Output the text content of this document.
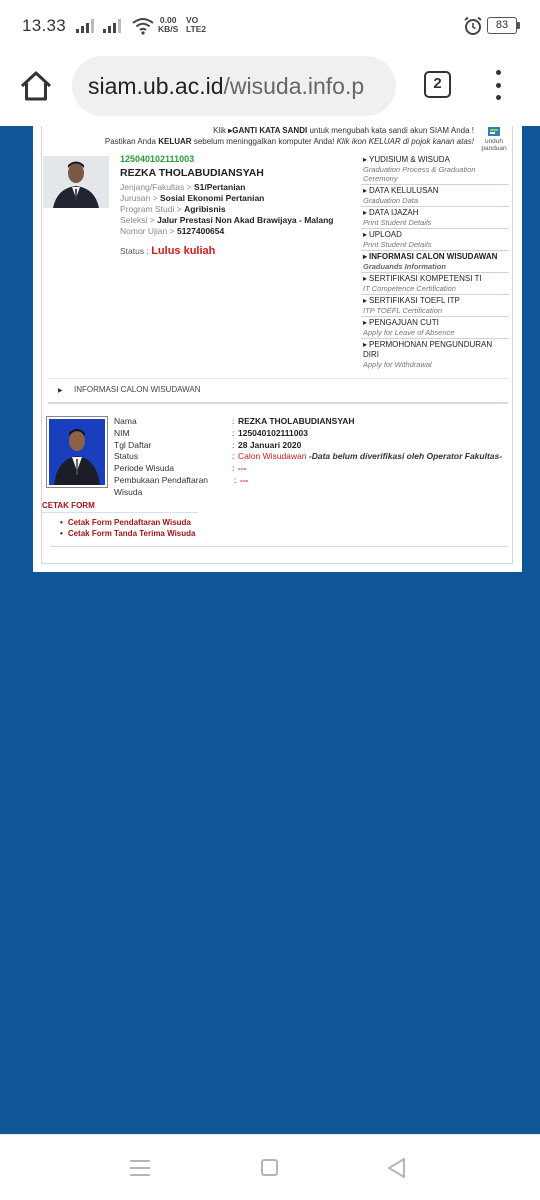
13.33	0.00
KB/S
VO
LTE2	83
siam.ub.ac.id/wisuda.info.p	2
Klik ▸GANTI KATA SANDI untuk mengubah kata sandi akun SIAM Anda !
Pastikan Anda KELUAR sebelum meninggalkan komputer Anda! Klik ikon KELUAR di pojok kanan atas!	unduh
panduan
125040102111003
REZKA THOLABUDIANSYAH
Jenjang/Fakultas > S1/Pertanian
Jurusan > Sosial Ekonomi Pertanian
Program Studi > Agribisnis
Seleksi > Jalur Prestasi Non Akad Brawijaya - Malang
Nomor Ujian > 5127400654
Status : Lulus kuliah
▸ YUDISIUM & WISUDA
Graduation Process & Graduation Ceremony
▸ DATA KELULUSAN
Graduation Data
▸ DATA IJAZAH
Print Student Details
▸ UPLOAD
Print Student Details
▸ INFORMASI CALON WISUDAWAN
Graduands Information
▸ SERTIFIKASI KOMPETENSI TI
IT Competence Certification
▸ SERTIFIKASI TOEFL ITP
ITP TOEFL Certification
▸ PENGAJUAN CUTI
Apply for Leave of Absence
▸ PERMOHONAN PENGUNDURAN DIRI
Apply for Withdrawal
▶ INFORMASI CALON WISUDAWAN
Nama	: REZKA THOLABUDIANSYAH
NIM	: 125040102111003
Tgl Daftar	: 28 Januari 2020
Status	: Calon Wisudawan -Data belum diverifikasi oleh Operator Fakultas-
Periode Wisuda	: ---
Pembukaan Pendaftaran Wisuda
: ---
CETAK FORM
• Cetak Form Pendaftaran Wisuda
• Cetak Form Tanda Terima Wisuda
